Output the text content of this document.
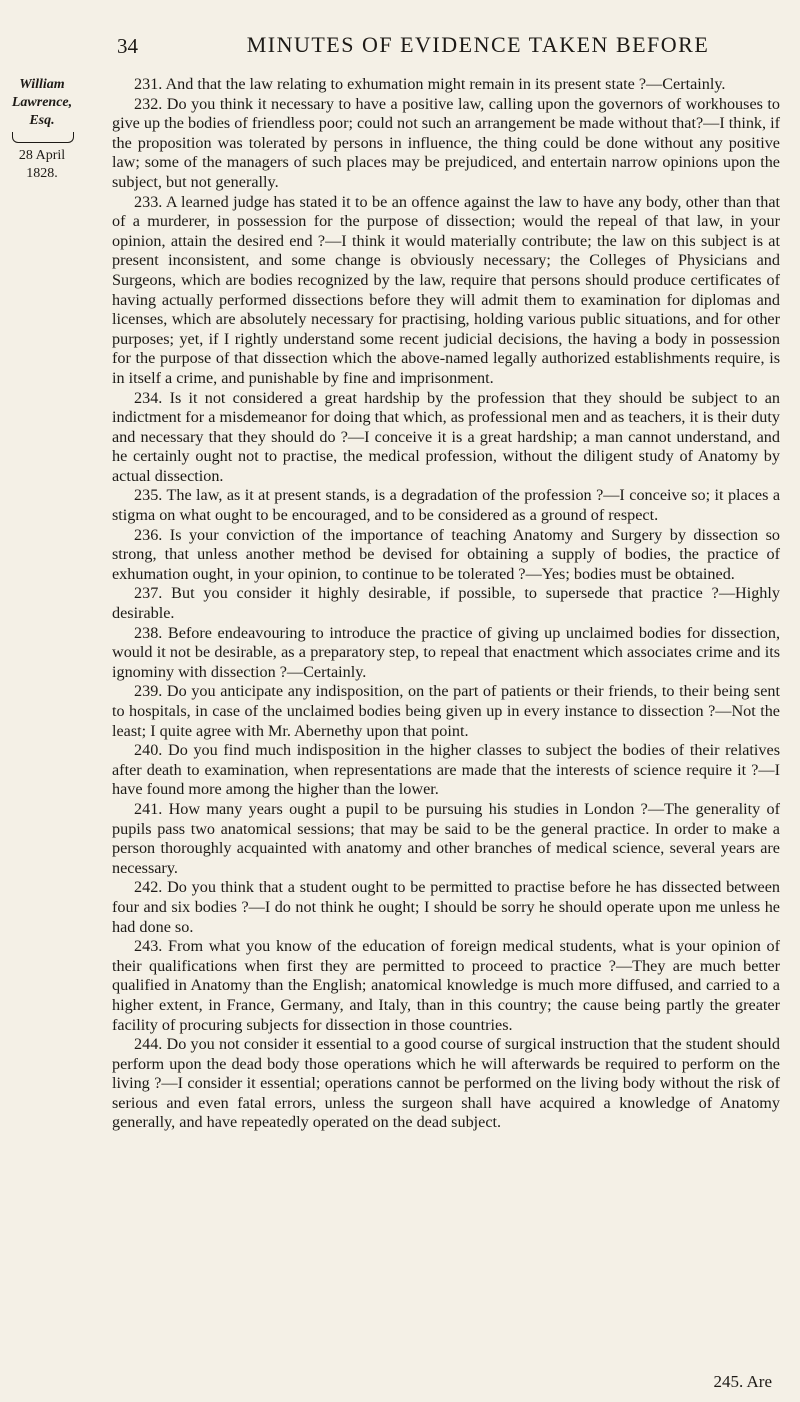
34	MINUTES OF EVIDENCE TAKEN BEFORE
William Lawrence,
Esq.
28 April
1828.

231. And that the law relating to exhumation might remain in its present state ?—Certainly.

232. Do you think it necessary to have a positive law, calling upon the governors of workhouses to give up the bodies of friendless poor; could not such an arrangement be made without that?—I think, if the proposition was tolerated by persons in influence, the thing could be done without any positive law; some of the managers of such places may be prejudiced, and entertain narrow opinions upon the subject, but not generally.

233. A learned judge has stated it to be an offence against the law to have any body, other than that of a murderer, in possession for the purpose of dissection; would the repeal of that law, in your opinion, attain the desired end ?—I think it would materially contribute; the law on this subject is at present inconsistent, and some change is obviously necessary; the Colleges of Physicians and Surgeons, which are bodies recognized by the law, require that persons should produce certificates of having actually performed dissections before they will admit them to examination for diplomas and licenses, which are absolutely necessary for practising, holding various public situations, and for other purposes; yet, if I rightly understand some recent judicial decisions, the having a body in possession for the purpose of that dissection which the above-named legally authorized establishments require, is in itself a crime, and punishable by fine and imprisonment.

234. Is it not considered a great hardship by the profession that they should be subject to an indictment for a misdemeanor for doing that which, as professional men and as teachers, it is their duty and necessary that they should do ?—I conceive it is a great hardship; a man cannot understand, and he certainly ought not to practise, the medical profession, without the diligent study of Anatomy by actual dissection.

235. The law, as it at present stands, is a degradation of the profession ?—I conceive so; it places a stigma on what ought to be encouraged, and to be considered as a ground of respect.

236. Is your conviction of the importance of teaching Anatomy and Surgery by dissection so strong, that unless another method be devised for obtaining a supply of bodies, the practice of exhumation ought, in your opinion, to continue to be tolerated ?—Yes; bodies must be obtained.

237. But you consider it highly desirable, if possible, to supersede that practice ?—Highly desirable.

238. Before endeavouring to introduce the practice of giving up unclaimed bodies for dissection, would it not be desirable, as a preparatory step, to repeal that enactment which associates crime and its ignominy with dissection ?—Certainly.

239. Do you anticipate any indisposition, on the part of patients or their friends, to their being sent to hospitals, in case of the unclaimed bodies being given up in every instance to dissection ?—Not the least; I quite agree with Mr. Abernethy upon that point.

240. Do you find much indisposition in the higher classes to subject the bodies of their relatives after death to examination, when representations are made that the interests of science require it ?—I have found more among the higher than the lower.

241. How many years ought a pupil to be pursuing his studies in London ?—The generality of pupils pass two anatomical sessions; that may be said to be the general practice. In order to make a person thoroughly acquainted with anatomy and other branches of medical science, several years are necessary.

242. Do you think that a student ought to be permitted to practise before he has dissected between four and six bodies ?—I do not think he ought; I should be sorry he should operate upon me unless he had done so.

243. From what you know of the education of foreign medical students, what is your opinion of their qualifications when first they are permitted to proceed to practice ?—They are much better qualified in Anatomy than the English; anatomical knowledge is much more diffused, and carried to a higher extent, in France, Germany, and Italy, than in this country; the cause being partly the greater facility of procuring subjects for dissection in those countries.

244. Do you not consider it essential to a good course of surgical instruction that the student should perform upon the dead body those operations which he will afterwards be required to perform on the living ?—I consider it essential; operations cannot be performed on the living body without the risk of serious and even fatal errors, unless the surgeon shall have acquired a knowledge of Anatomy generally, and have repeatedly operated on the dead subject.

245. Are
